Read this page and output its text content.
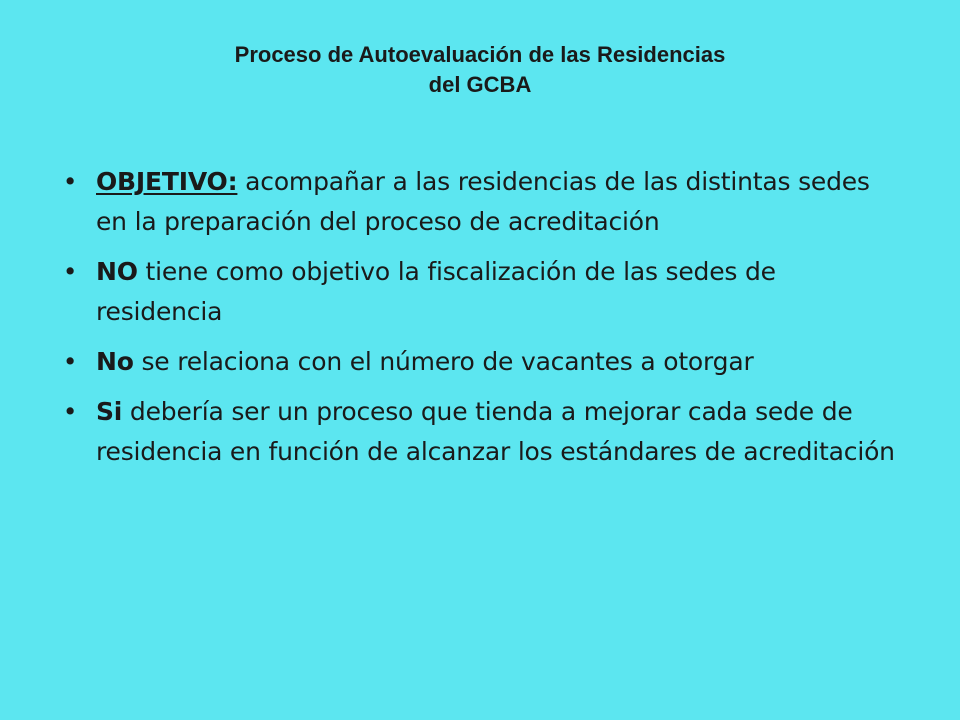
Proceso de Autoevaluación de las Residencias
del GCBA
• OBJETIVO: acompañar a las residencias de las distintas sedes en la preparación del proceso de acreditación
• NO tiene como objetivo la fiscalización de las sedes de residencia
• No se relaciona con el número de vacantes a otorgar
• Si debería ser un proceso que tienda a mejorar cada sede de residencia en función de alcanzar los estándares de acreditación
